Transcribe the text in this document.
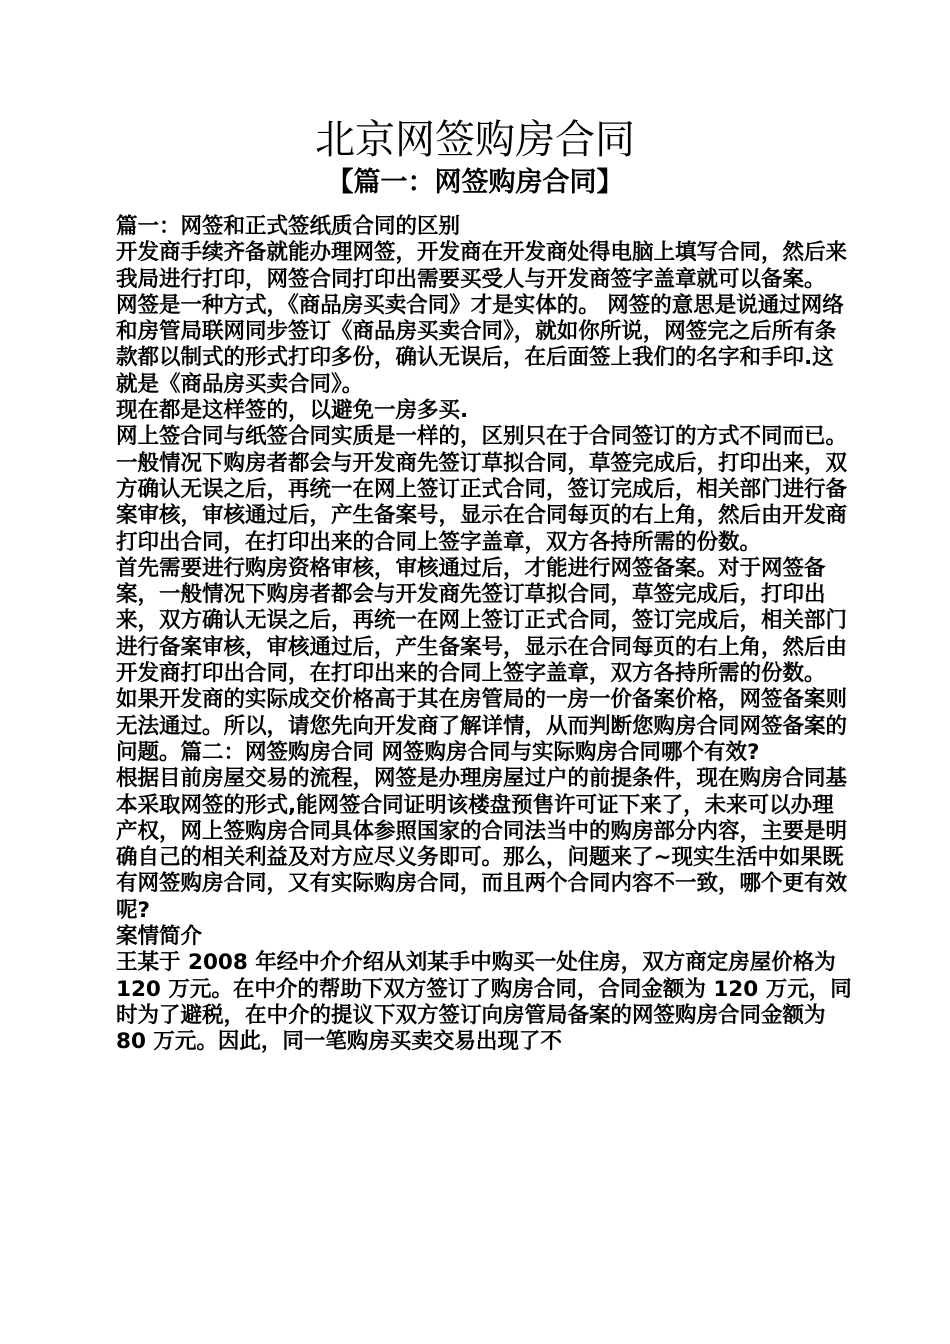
北京网签购房合同
【篇一：网签购房合同】

篇一：网签和正式签纸质合同的区别

开发商手续齐备就能办理网签，开发商在开发商处得电脑上填写合同，然后来我局进行打印，网签合同打印出需要买受人与开发商签字盖章就可以备案。

网签是一种方式，《商品房买卖合同》才是实体的。 网签的意思是说通过网络和房管局联网同步签订《商品房买卖合同》，就如你所说，网签完之后所有条款都以制式的形式打印多份，确认无误后，在后面签上我们的名字和手印.这就是《商品房买卖合同》。

现在都是这样签的，以避免一房多买.

网上签合同与纸签合同实质是一样的，区别只在于合同签订的方式不同而已。一般情况下购房者都会与开发商先签订草拟合同，草签完成后，打印出来，双方确认无误之后，再统一在网上签订正式合同，签订完成后，相关部门进行备案审核，审核通过后，产生备案号，显示在合同每页的右上角，然后由开发商打印出合同，在打印出来的合同上签字盖章，双方各持所需的份数。

首先需要进行购房资格审核，审核通过后，才能进行网签备案。对于网签备案，一般情况下购房者都会与开发商先签订草拟合同，草签完成后，打印出来，双方确认无误之后，再统一在网上签订正式合同，签订完成后，相关部门进行备案审核，审核通过后，产生备案号，显示在合同每页的右上角，然后由开发商打印出合同，在打印出来的合同上签字盖章，双方各持所需的份数。

如果开发商的实际成交价格高于其在房管局的一房一价备案价格，网签备案则无法通过。所以，请您先向开发商了解详情，从而判断您购房合同网签备案的问题。篇二：网签购房合同 网签购房合同与实际购房合同哪个有效?

根据目前房屋交易的流程，网签是办理房屋过户的前提条件，现在购房合同基本采取网签的形式,能网签合同证明该楼盘预售许可证下来了，未来可以办理产权，网上签购房合同具体参照国家的合同法当中的购房部分内容，主要是明确自己的相关利益及对方应尽义务即可。那么，问题来了~现实生活中如果既有网签购房合同，又有实际购房合同，而且两个合同内容不一致，哪个更有效呢?

案情简介

王某于 2008 年经中介介绍从刘某手中购买一处住房，双方商定房屋价格为 120 万元。在中介的帮助下双方签订了购房合同，合同金额为 120 万元，同时为了避税，在中介的提议下双方签订向房管局备案的网签购房合同金额为 80 万元。因此，同一笔购房买卖交易出现了不
